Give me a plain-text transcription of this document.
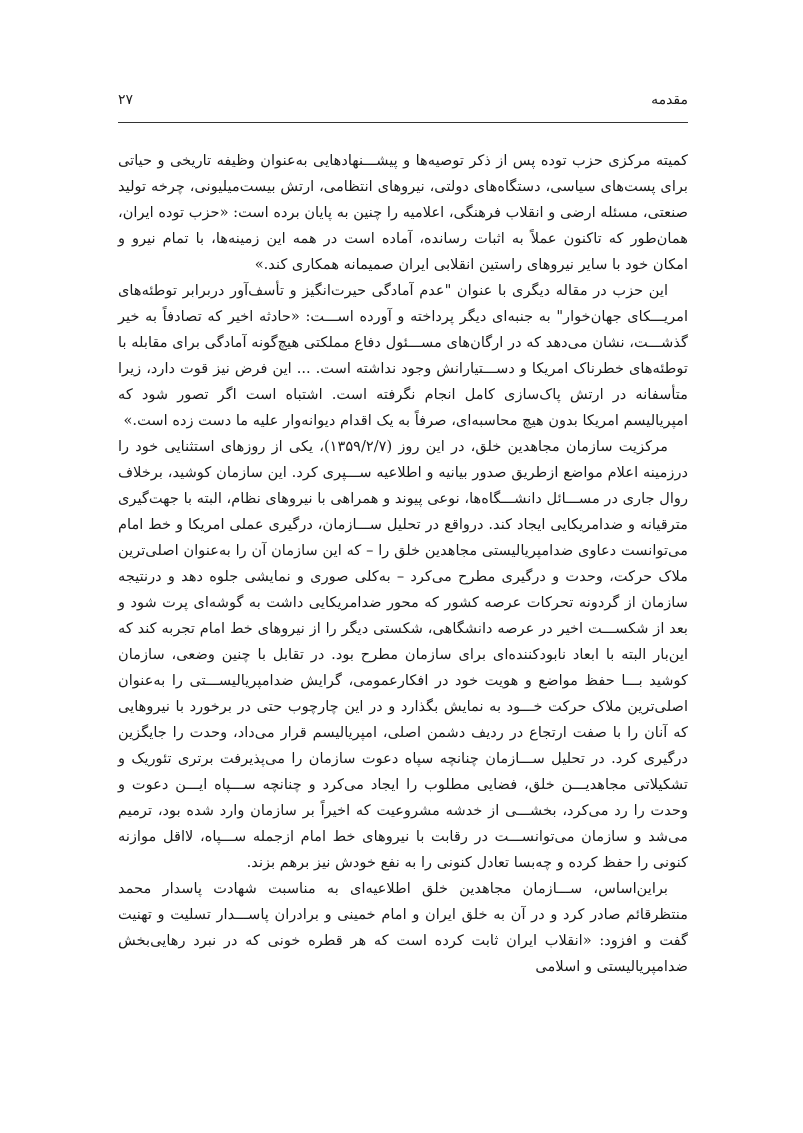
مقدمه
۲۷

کمیته مرکزی حزب توده پس از ذکر توصیه‌ها و پیشـــنهادهایی به‌عنوان وظیفه تاریخی و حیاتی برای پست‌های سیاسی، دستگاه‌های دولتی، نیروهای انتظامی، ارتش بیست‌میلیونی، چرخه تولید صنعتی، مسئله ارضی و انقلاب فرهنگی، اعلامیه را چنین به پایان برده است: «حزب توده ایران، همان‌طور که تاکنون عملاً به اثبات رسانده، آماده است در همه این زمینه‌ها، با تمام نیرو و امکان خود با سایر نیروهای راستین انقلابی ایران صمیمانه همکاری کند.»

این حزب در مقاله دیگری با عنوان "عدم آمادگی حیرت‌انگیز و تأسف‌آور دربرابر توطئه‌های امریـــکای جهان‌خوار" به جنبه‌ای دیگر پرداخته و آورده اســـت: «حادثه اخیر که تصادفاً به خیر گذشـــت، نشان می‌دهد که در ارگان‌های مســـئول دفاع مملکتی هیچ‌گونه آمادگی برای مقابله با توطئه‌های خطرناک امریکا و دســـتیارانش وجود نداشته است. ... این فرض نیز قوت دارد، زیرا متأسفانه در ارتش پاک‌سازی کامل انجام نگرفته است. اشتباه است اگر تصور شود که امپریالیسم امریکا بدون هیچ محاسبه‌ای، صرفاً به یک اقدام دیوانه‌وار علیه ما دست زده است.»

مرکزیت سازمان مجاهدین خلق، در این روز (۱۳۵۹/۲/۷)، یکی از روزهای استثنایی خود را درزمینه اعلام مواضع ازطریق صدور بیانیه و اطلاعیه ســـپری کرد. این سازمان کوشید، برخلاف روال جاری در مســـائل دانشـــگاه‌ها، نوعی پیوند و همراهی با نیروهای نظام، البته با جهت‌گیری مترقیانه و ضدامریکایی ایجاد کند. درواقع در تحلیل ســـازمان، درگیری عملی امریکا و خط امام می‌توانست دعاوی ضدامپریالیستی مجاهدین خلق را – که این سازمان آن را به‌عنوان اصلی‌ترین ملاک حرکت، وحدت و درگیری مطرح می‌کرد – به‌کلی صوری و نمایشی جلوه دهد و درنتیجه سازمان از گردونه تحرکات عرصه کشور که محور ضدامریکایی داشت به گوشه‌ای پرت شود و بعد از شکســـت اخیر در عرصه دانشگاهی، شکستی دیگر را از نیروهای خط امام تجربه کند که این‌بار البته با ابعاد نابودکننده‌ای برای سازمان مطرح بود. در تقابل با چنین وضعی، سازمان کوشید بـــا حفظ مواضع و هویت خود در افکارعمومی، گرایش ضدامپریالیســـتی را به‌عنوان اصلی‌ترین ملاک حرکت خـــود به نمایش بگذارد و در این چارچوب حتی در برخورد با نیروهایی که آنان را با صفت ارتجاع در ردیف دشمن اصلی، امپریالیسم قرار می‌داد، وحدت را جایگزین درگیری کرد. در تحلیل ســـازمان چنانچه سپاه دعوت سازمان را می‌پذیرفت برتری تئوریک و تشکیلاتی مجاهدیـــن خلق، فضایی مطلوب را ایجاد می‌کرد و چنانچه ســـپاه ایـــن دعوت و وحدت را رد می‌کرد، بخشـــی از خدشه مشروعیت که اخیراً بر سازمان وارد شده بود، ترمیم می‌شد و سازمان می‌توانســـت در رقابت با نیروهای خط امام ازجمله ســـپاه، لااقل موازنه کنونی را حفظ کرده و چه‌بسا تعادل کنونی را به نفع خودش نیز برهم بزند.

براین‌اساس، ســـازمان مجاهدین خلق اطلاعیه‌ای به مناسبت شهادت پاسدار محمد منتظرقائم صادر کرد و در آن به خلق ایران و امام خمینی و برادران پاســـدار تسلیت و تهنیت گفت و افزود: «انقلاب ایران ثابت کرده است که هر قطره خونی که در نبرد رهایی‌بخش ضدامپریالیستی و اسلامی
